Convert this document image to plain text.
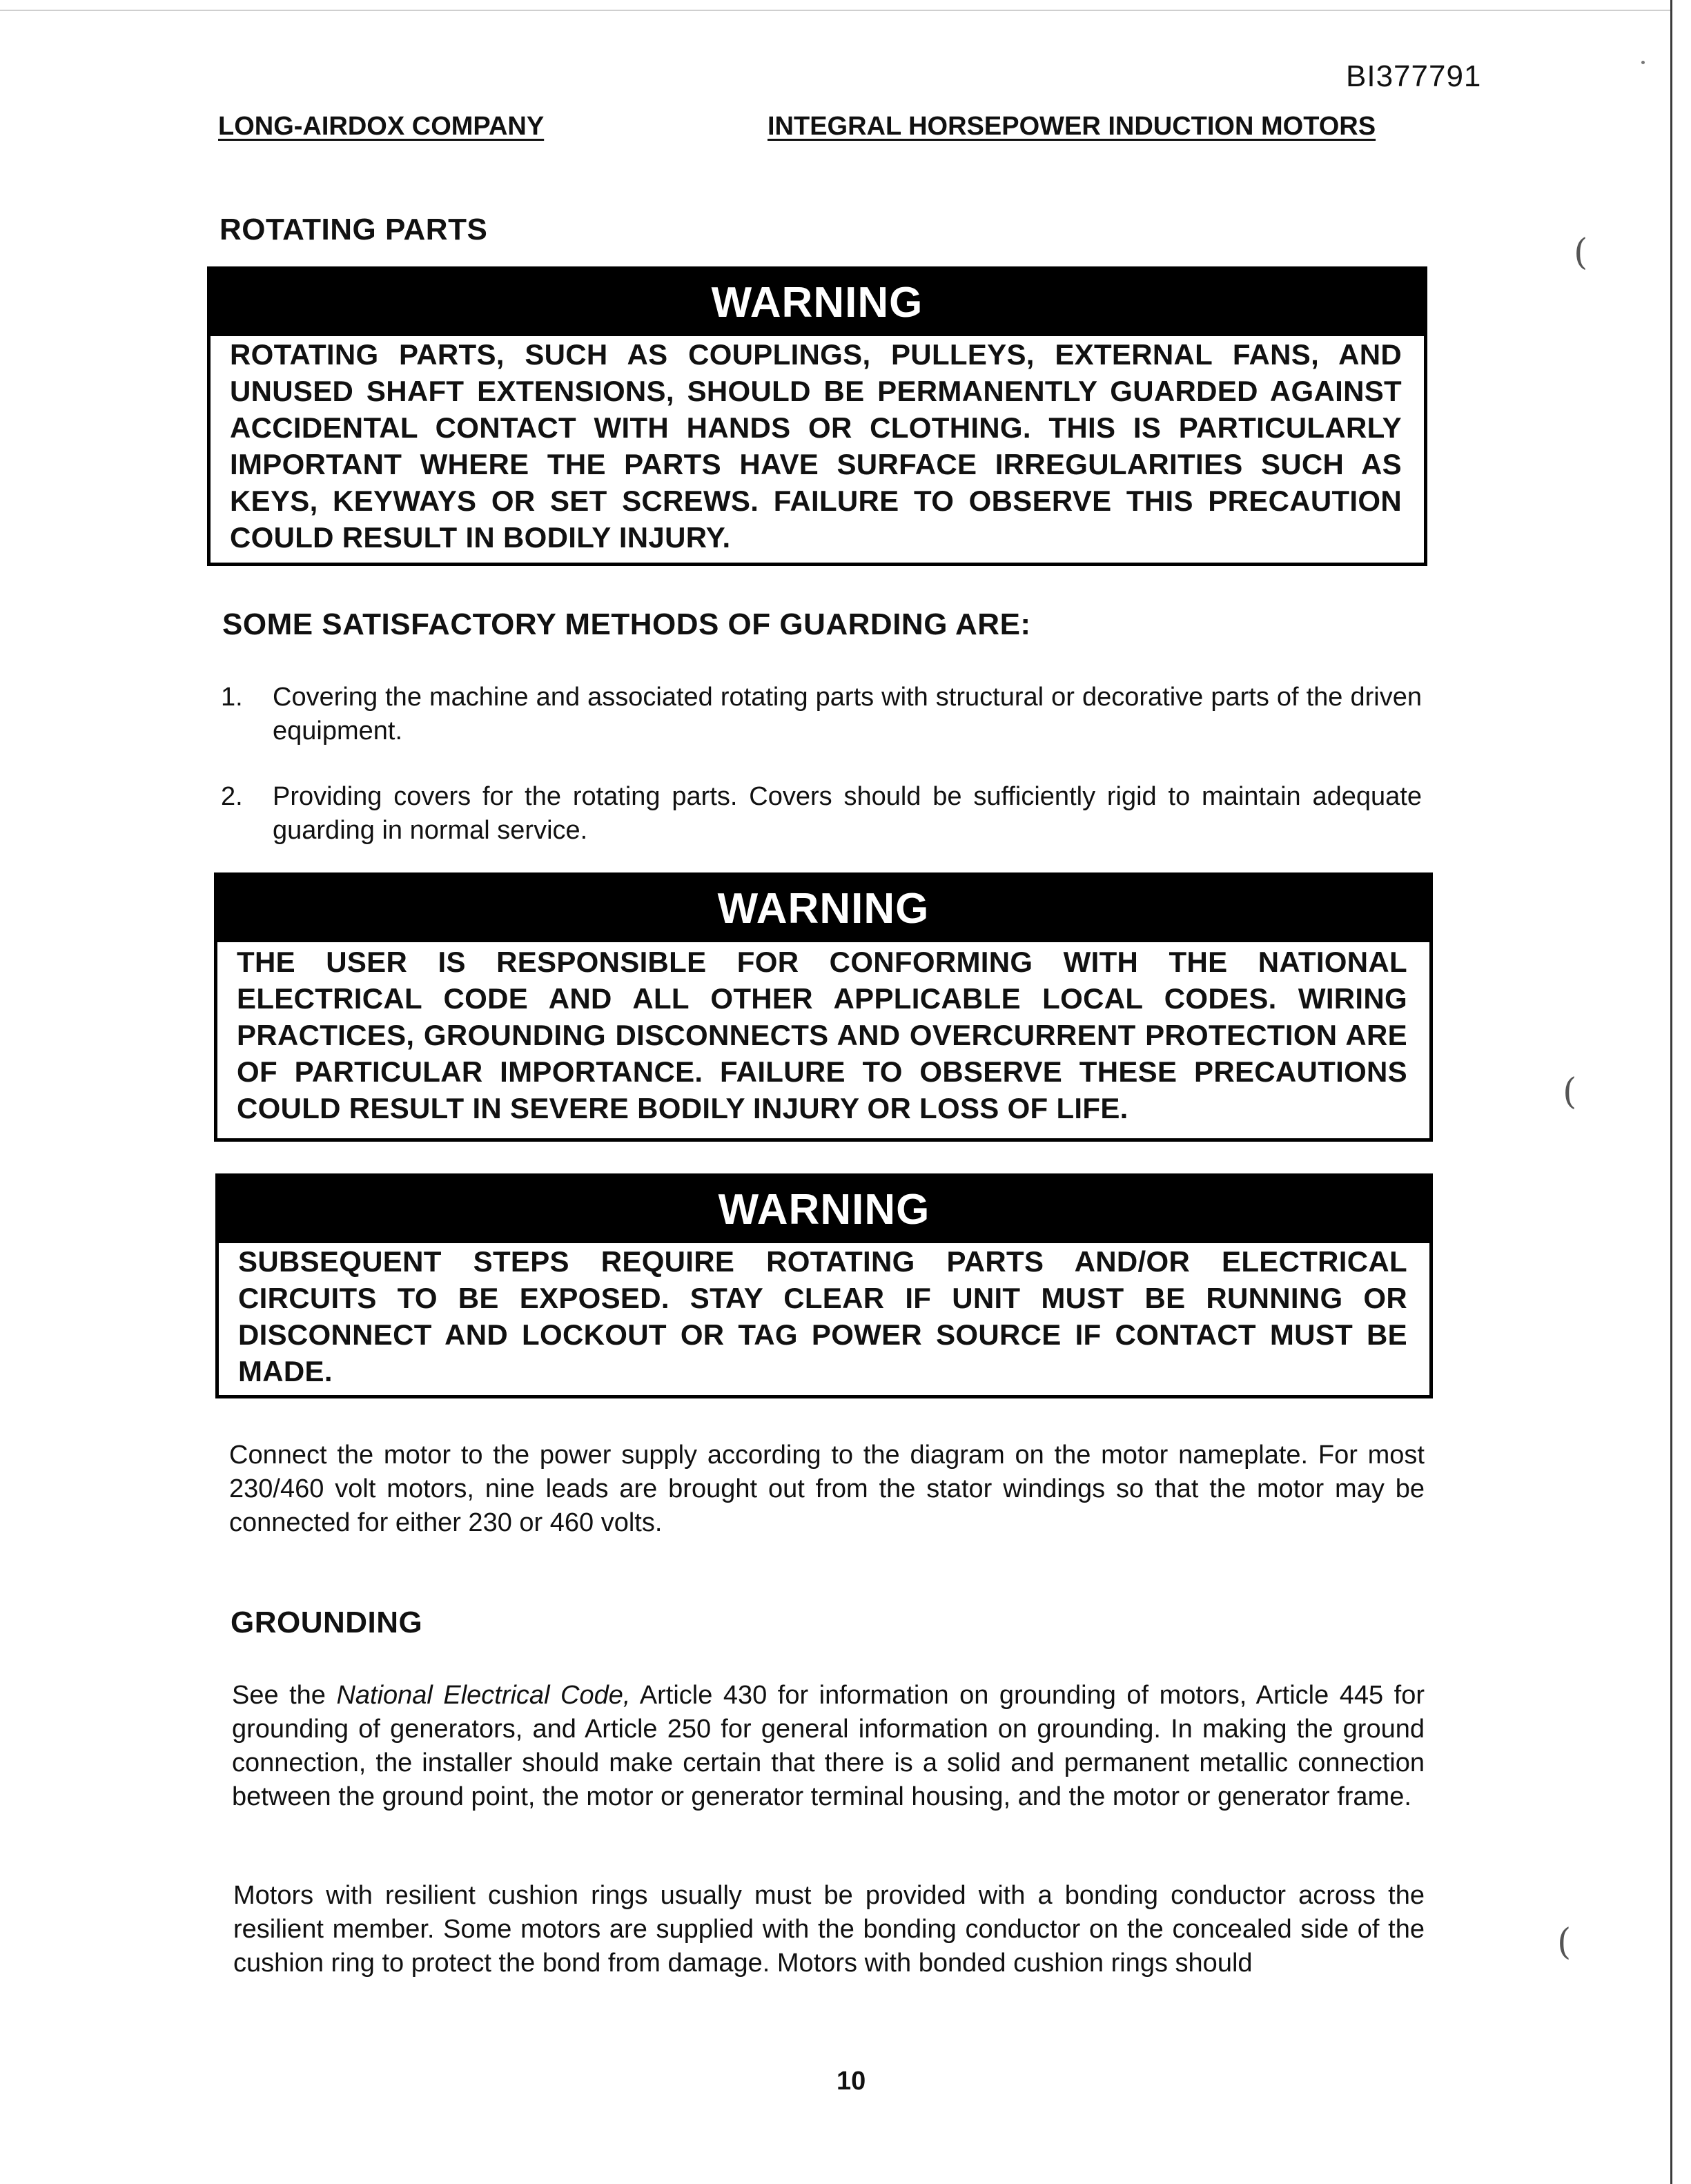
BI377791
LONG-AIRDOX COMPANY	INTEGRAL HORSEPOWER INDUCTION MOTORS
ROTATING PARTS
WARNING
ROTATING PARTS, SUCH AS COUPLINGS, PULLEYS, EXTERNAL FANS, AND UNUSED SHAFT EXTENSIONS, SHOULD BE PERMANENTLY GUARDED AGAINST ACCIDENTAL CONTACT WITH HANDS OR CLOTHING. THIS IS PARTICULARLY IMPORTANT WHERE THE PARTS HAVE SURFACE IRREGULARITIES SUCH AS KEYS, KEYWAYS OR SET SCREWS. FAILURE TO OBSERVE THIS PRECAUTION COULD RESULT IN BODILY INJURY.
SOME SATISFACTORY METHODS OF GUARDING ARE:
1. Covering the machine and associated rotating parts with structural or decorative parts of the driven equipment.
2. Providing covers for the rotating parts. Covers should be sufficiently rigid to maintain adequate guarding in normal service.
WARNING
THE USER IS RESPONSIBLE FOR CONFORMING WITH THE NATIONAL ELECTRICAL CODE AND ALL OTHER APPLICABLE LOCAL CODES. WIRING PRACTICES, GROUNDING DISCONNECTS AND OVERCURRENT PROTECTION ARE OF PARTICULAR IMPORTANCE. FAILURE TO OBSERVE THESE PRECAUTIONS COULD RESULT IN SEVERE BODILY INJURY OR LOSS OF LIFE.
WARNING
SUBSEQUENT STEPS REQUIRE ROTATING PARTS AND/OR ELECTRICAL CIRCUITS TO BE EXPOSED. STAY CLEAR IF UNIT MUST BE RUNNING OR DISCONNECT AND LOCKOUT OR TAG POWER SOURCE IF CONTACT MUST BE MADE.
Connect the motor to the power supply according to the diagram on the motor nameplate. For most 230/460 volt motors, nine leads are brought out from the stator windings so that the motor may be connected for either 230 or 460 volts.
GROUNDING
See the National Electrical Code, Article 430 for information on grounding of motors, Article 445 for grounding of generators, and Article 250 for general information on grounding. In making the ground connection, the installer should make certain that there is a solid and permanent metallic connection between the ground point, the motor or generator terminal housing, and the motor or generator frame.
Motors with resilient cushion rings usually must be provided with a bonding conductor across the resilient member. Some motors are supplied with the bonding conductor on the concealed side of the cushion ring to protect the bond from damage. Motors with bonded cushion rings should
10
(
(
(
